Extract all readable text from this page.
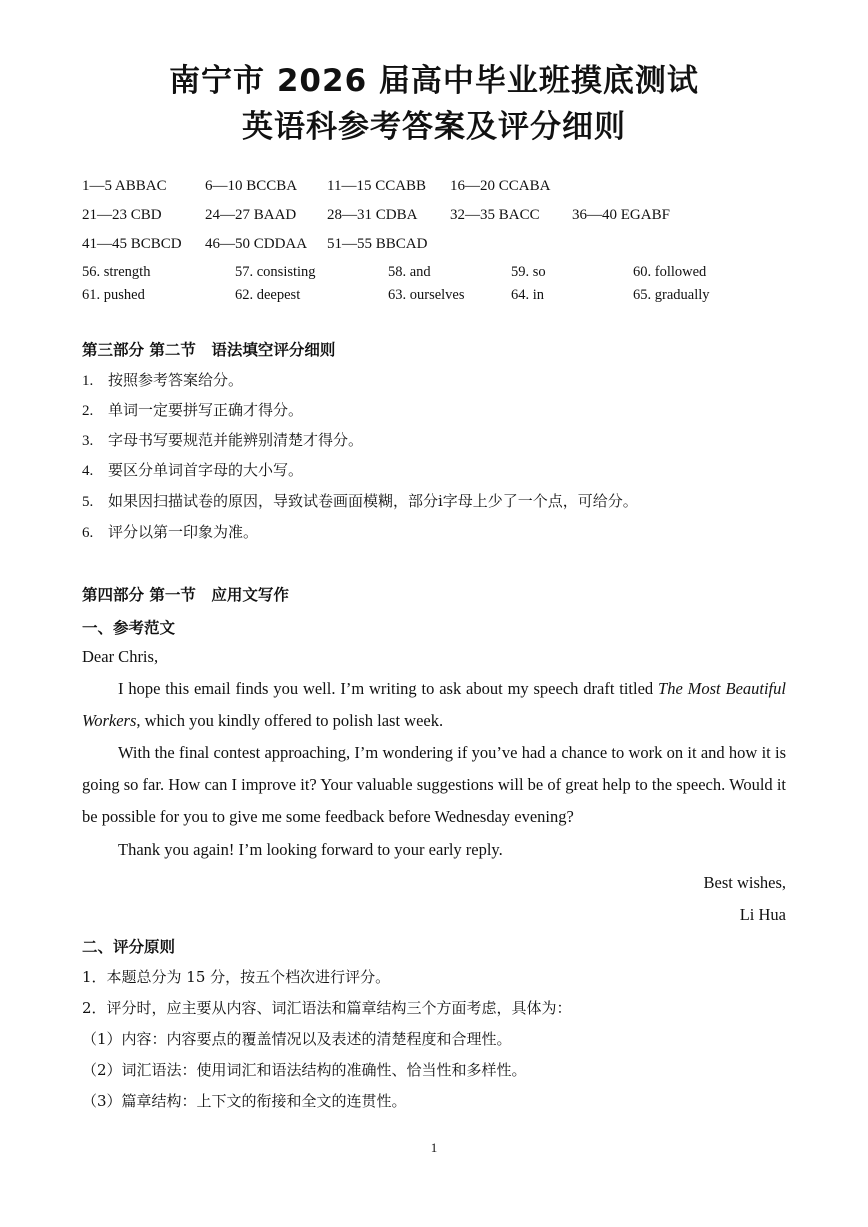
南宁市 2026 届高中毕业班摸底测试
英语科参考答案及评分细则
1—5 ABBAC	6—10 BCCBA 11—15 CCABB 16—20 CCABA
21—23 CBD	24—27 BAAD 28—31 CDBA 32—35 BACC 36—40 EGABF
41—45 BCBCD 46—50 CDDAA 51—55 BBCAD
56. strength	57. consisting	58. and	59. so	60. followed
61. pushed	62. deepest	63. ourselves	64. in	65. gradually
第三部分 第二节　语法填空评分细则
1. 按照参考答案给分。
2. 单词一定要拼写正确才得分。
3. 字母书写要规范并能辨别清楚才得分。
4. 要区分单词首字母的大小写。
5. 如果因扫描试卷的原因，导致试卷画面模糊，部分i字母上少了一个点，可给分。
6. 评分以第一印象为准。
第四部分 第一节　应用文写作
一、参考范文
Dear Chris,

I hope this email finds you well. I’m writing to ask about my speech draft titled The Most Beautiful Workers, which you kindly offered to polish last week.

With the final contest approaching, I’m wondering if you’ve had a chance to work on it and how it is going so far. How can I improve it? Your valuable suggestions will be of great help to the speech. Would it be possible for you to give me some feedback before Wednesday evening?

Thank you again! I’m looking forward to your early reply.

Best wishes,
Li Hua
二、评分原则
1．本题总分为 15 分，按五个档次进行评分。
2．评分时，应主要从内容、词汇语法和篇章结构三个方面考虑，具体为：
（1）内容：内容要点的覆盖情况以及表述的清楚程度和合理性。
（2）词汇语法：使用词汇和语法结构的准确性、恰当性和多样性。
（3）篇章结构：上下文的衔接和全文的连贯性。
1
